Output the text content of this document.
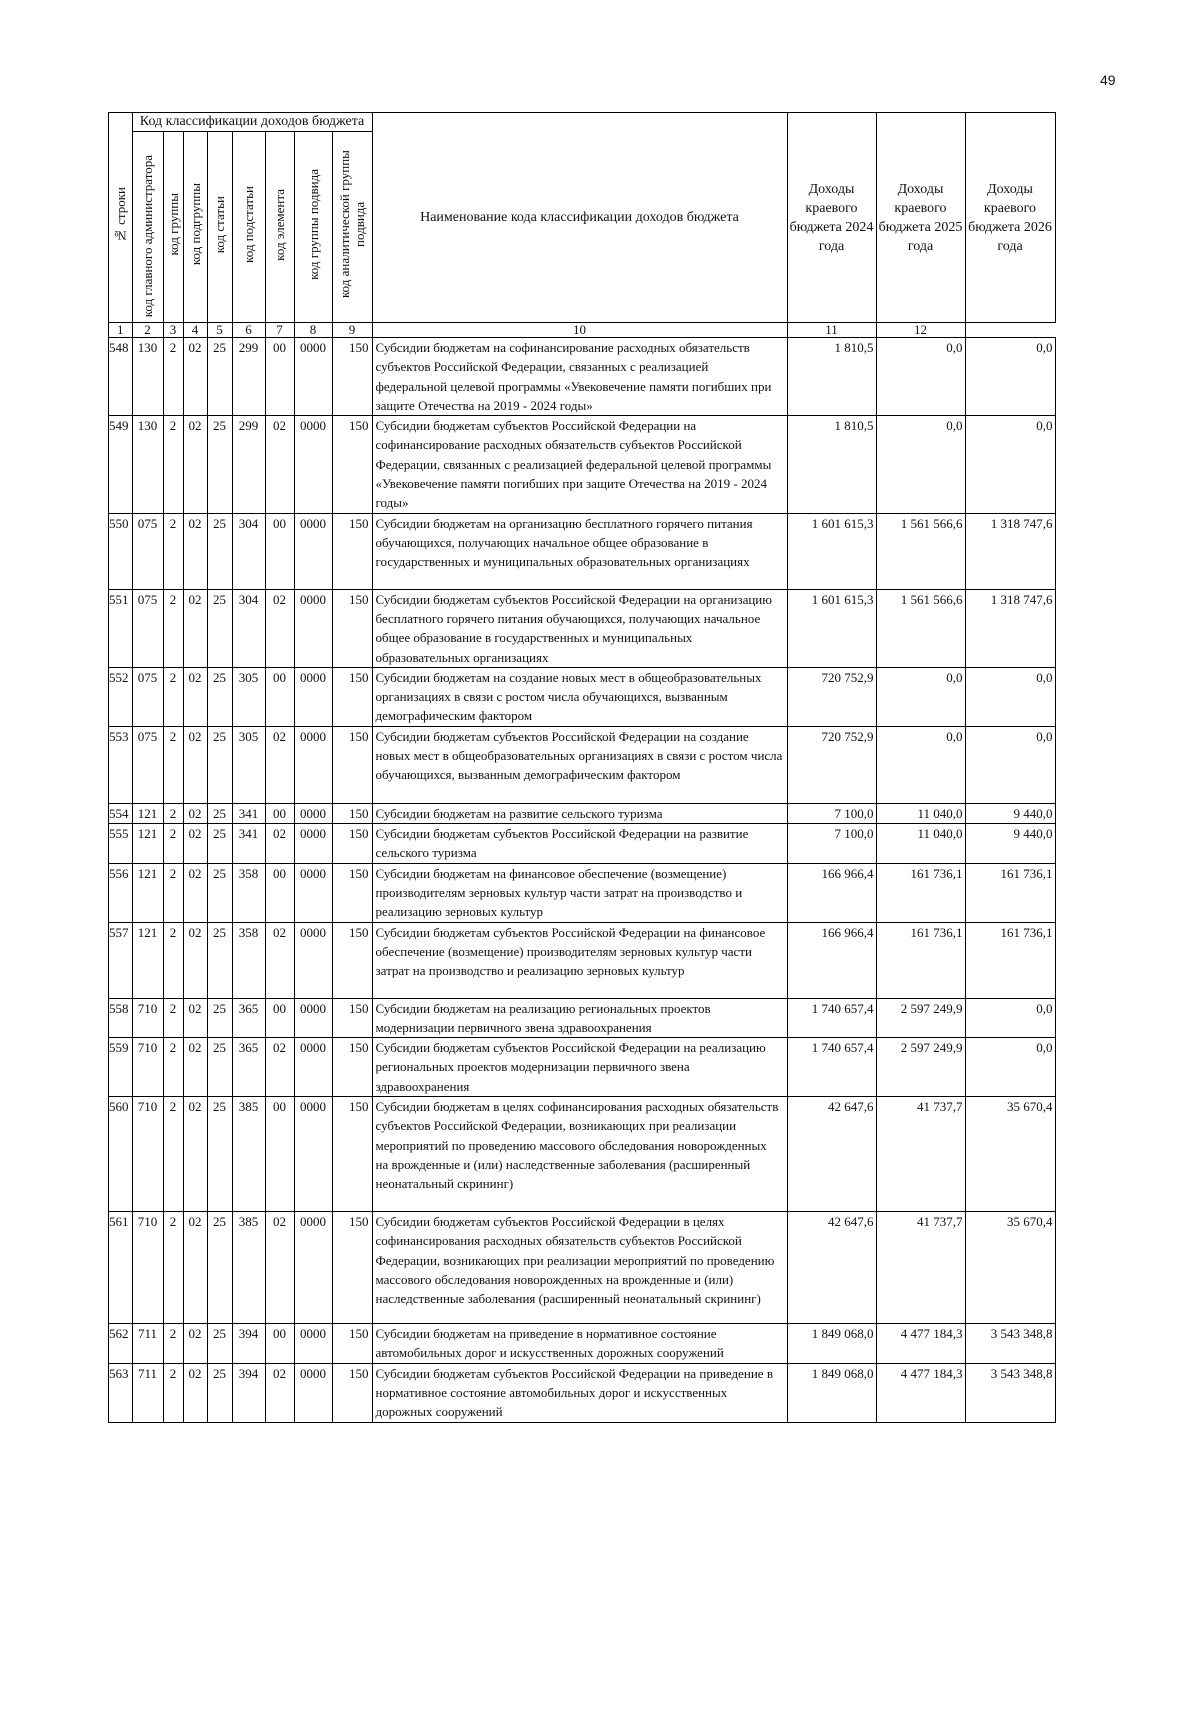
49
№ строки	Код классификации доходов бюджета								Наименование кода классификации доходов бюджета	Доходы краевого бюджета 2024 года	Доходы краевого бюджета 2025 года	Доходы краевого бюджета 2026 года
	код главного администратора	код группы	код подгруппы	код статьи	код подстатьи	код элемента	код группы подвида	код аналитической группы подвида				
1	2	3	4	5	6	7	8	9	10	11	12	
548	130	2	02	25	299	00	0000	150	Субсидии бюджетам на софинансирование расходных обязательств субъектов Российской Федерации, связанных с реализацией федеральной целевой программы «Увековечение памяти погибших при защите Отечества на 2019 - 2024 годы»	1 810,5	0,0	0,0
549	130	2	02	25	299	02	0000	150	Субсидии бюджетам субъектов Российской Федерации на софинансирование расходных обязательств субъектов Российской Федерации, связанных с реализацией федеральной целевой программы «Увековечение памяти погибших при защите Отечества на 2019 - 2024 годы»	1 810,5	0,0	0,0
550	075	2	02	25	304	00	0000	150	Субсидии бюджетам на организацию бесплатного горячего питания обучающихся, получающих начальное общее образование в государственных и муниципальных образовательных организациях	1 601 615,3	1 561 566,6	1 318 747,6
551	075	2	02	25	304	02	0000	150	Субсидии бюджетам субъектов Российской Федерации на организацию бесплатного горячего питания обучающихся, получающих начальное общее образование в государственных и муниципальных образовательных организациях	1 601 615,3	1 561 566,6	1 318 747,6
552	075	2	02	25	305	00	0000	150	Субсидии бюджетам на создание новых мест в общеобразовательных организациях в связи с ростом числа обучающихся, вызванным демографическим фактором	720 752,9	0,0	0,0
553	075	2	02	25	305	02	0000	150	Субсидии бюджетам субъектов Российской Федерации на создание новых мест в общеобразовательных организациях в связи с ростом числа обучающихся, вызванным демографическим фактором	720 752,9	0,0	0,0
554	121	2	02	25	341	00	0000	150	Субсидии бюджетам на развитие сельского туризма	7 100,0	11 040,0	9 440,0
555	121	2	02	25	341	02	0000	150	Субсидии бюджетам субъектов Российской Федерации на развитие сельского туризма	7 100,0	11 040,0	9 440,0
556	121	2	02	25	358	00	0000	150	Субсидии бюджетам на финансовое обеспечение (возмещение) производителям зерновых культур части затрат на производство и реализацию зерновых культур	166 966,4	161 736,1	161 736,1
557	121	2	02	25	358	02	0000	150	Субсидии бюджетам субъектов Российской Федерации на финансовое обеспечение (возмещение) производителям зерновых культур части затрат на производство и реализацию зерновых культур	166 966,4	161 736,1	161 736,1
558	710	2	02	25	365	00	0000	150	Субсидии бюджетам на реализацию региональных проектов модернизации первичного звена здравоохранения	1 740 657,4	2 597 249,9	0,0
559	710	2	02	25	365	02	0000	150	Субсидии бюджетам субъектов Российской Федерации на реализацию региональных проектов модернизации первичного звена здравоохранения	1 740 657,4	2 597 249,9	0,0
560	710	2	02	25	385	00	0000	150	Субсидии бюджетам в целях софинансирования расходных обязательств субъектов Российской Федерации, возникающих при реализации мероприятий по проведению массового обследования новорожденных на врожденные и (или) наследственные заболевания (расширенный неонатальный скрининг)	42 647,6	41 737,7	35 670,4
561	710	2	02	25	385	02	0000	150	Субсидии бюджетам субъектов Российской Федерации в целях софинансирования расходных обязательств субъектов Российской Федерации, возникающих при реализации мероприятий по проведению массового обследования новорожденных на врожденные и (или) наследственные заболевания (расширенный неонатальный скрининг)	42 647,6	41 737,7	35 670,4
562	711	2	02	25	394	00	0000	150	Субсидии бюджетам на приведение в нормативное состояние автомобильных дорог и искусственных дорожных сооружений	1 849 068,0	4 477 184,3	3 543 348,8
563	711	2	02	25	394	02	0000	150	Субсидии бюджетам субъектов Российской Федерации на приведение в нормативное состояние автомобильных дорог и искусственных дорожных сооружений	1 849 068,0	4 477 184,3	3 543 348,8
